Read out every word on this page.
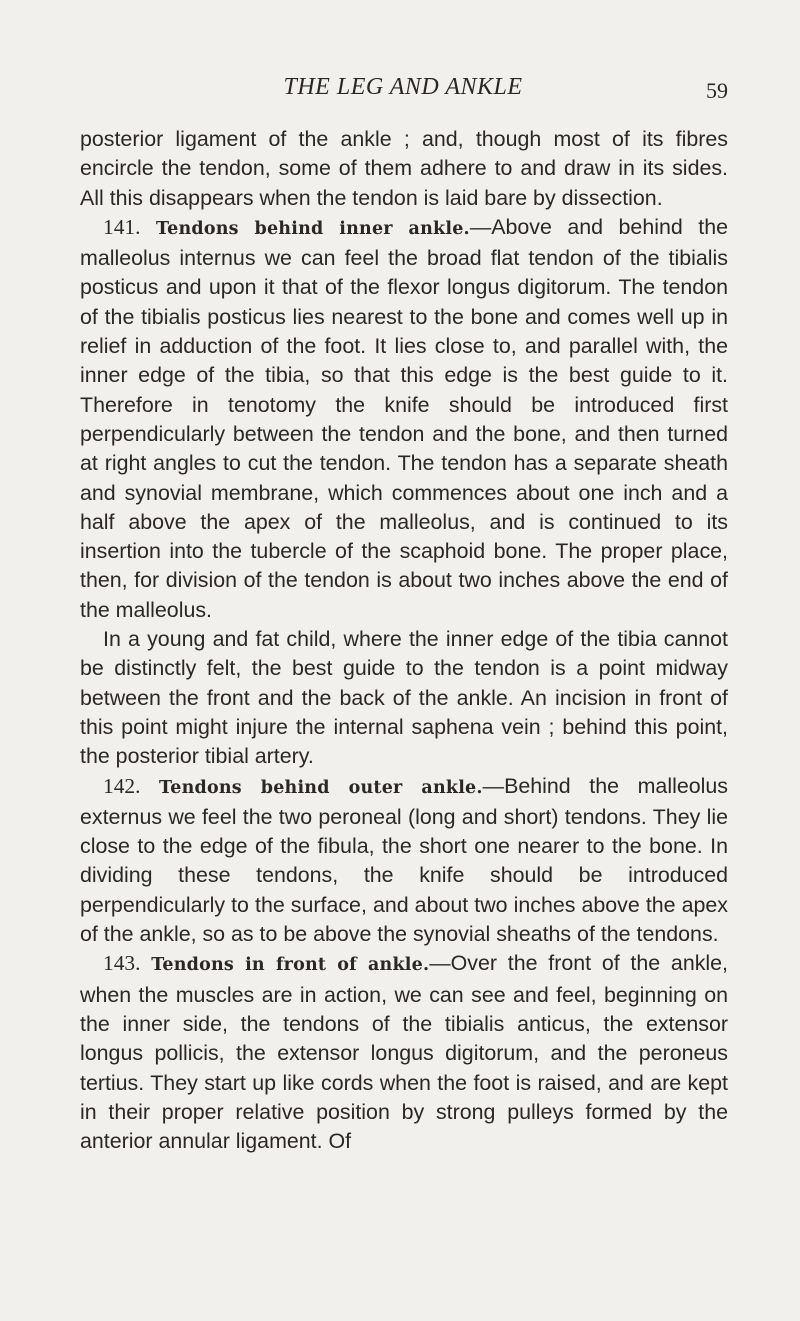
THE LEG AND ANKLE	59

posterior ligament of the ankle ; and, though most of its fibres encircle the tendon, some of them adhere to and draw in its sides. All this disappears when the tendon is laid bare by dissection.

141. Tendons behind inner ankle.—Above and behind the malleolus internus we can feel the broad flat tendon of the tibialis posticus and upon it that of the flexor longus digitorum. The tendon of the tibialis posticus lies nearest to the bone and comes well up in relief in adduction of the foot. It lies close to, and parallel with, the inner edge of the tibia, so that this edge is the best guide to it. Therefore in tenotomy the knife should be introduced first perpendicularly between the tendon and the bone, and then turned at right angles to cut the tendon. The tendon has a separate sheath and synovial membrane, which commences about one inch and a half above the apex of the malleolus, and is continued to its insertion into the tubercle of the scaphoid bone. The proper place, then, for division of the tendon is about two inches above the end of the malleolus.

In a young and fat child, where the inner edge of the tibia cannot be distinctly felt, the best guide to the tendon is a point midway between the front and the back of the ankle. An incision in front of this point might injure the internal saphena vein ; behind this point, the posterior tibial artery.

142. Tendons behind outer ankle.—Behind the malleolus externus we feel the two peroneal (long and short) tendons. They lie close to the edge of the fibula, the short one nearer to the bone. In dividing these tendons, the knife should be introduced perpendicularly to the surface, and about two inches above the apex of the ankle, so as to be above the synovial sheaths of the tendons.

143. Tendons in front of ankle.—Over the front of the ankle, when the muscles are in action, we can see and feel, beginning on the inner side, the tendons of the tibialis anticus, the extensor longus pollicis, the extensor longus digitorum, and the peroneus tertius. They start up like cords when the foot is raised, and are kept in their proper relative position by strong pulleys formed by the anterior annular ligament. Of
